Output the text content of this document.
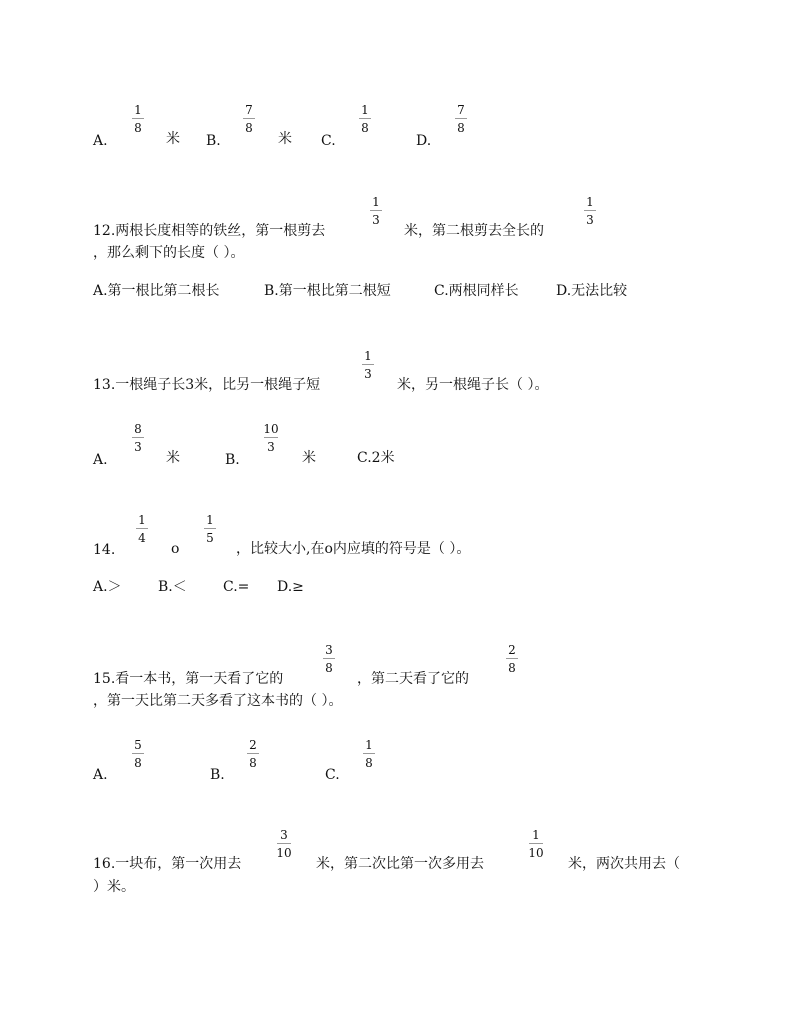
A.
1
8
米 B.
7
8
米 C.
1
8
D.
7
8
12.两根长度相等的铁丝，第一根剪去
1
3
米，第二根剪去全长的
1
3
，那么剩下的长度（ ）。
A.第一根比第二根长	B.第一根比第二根短	C.两根同样长	D.无法比较
13.一根绳子长3米，比另一根绳子短
1
3
米，另一根绳子长（ ）。
A.
8
3
米	B.
10
3
米	C.2米
14.
1
4
o
1
5
，比较大小,在o内应填的符号是（ ）。
A.＞	B.＜	C.= D.≥
15.看一本书，第一天看了它的
3
8
，第二天看了它的
2
8
，第一天比第二天多看了这本书的（ ）。
A.
5
8
B.
2
8
C.
1
8
16.一块布，第一次用去
3
10
米，第二次比第一次多用去
1
10
米，两次共用去（
）米。
